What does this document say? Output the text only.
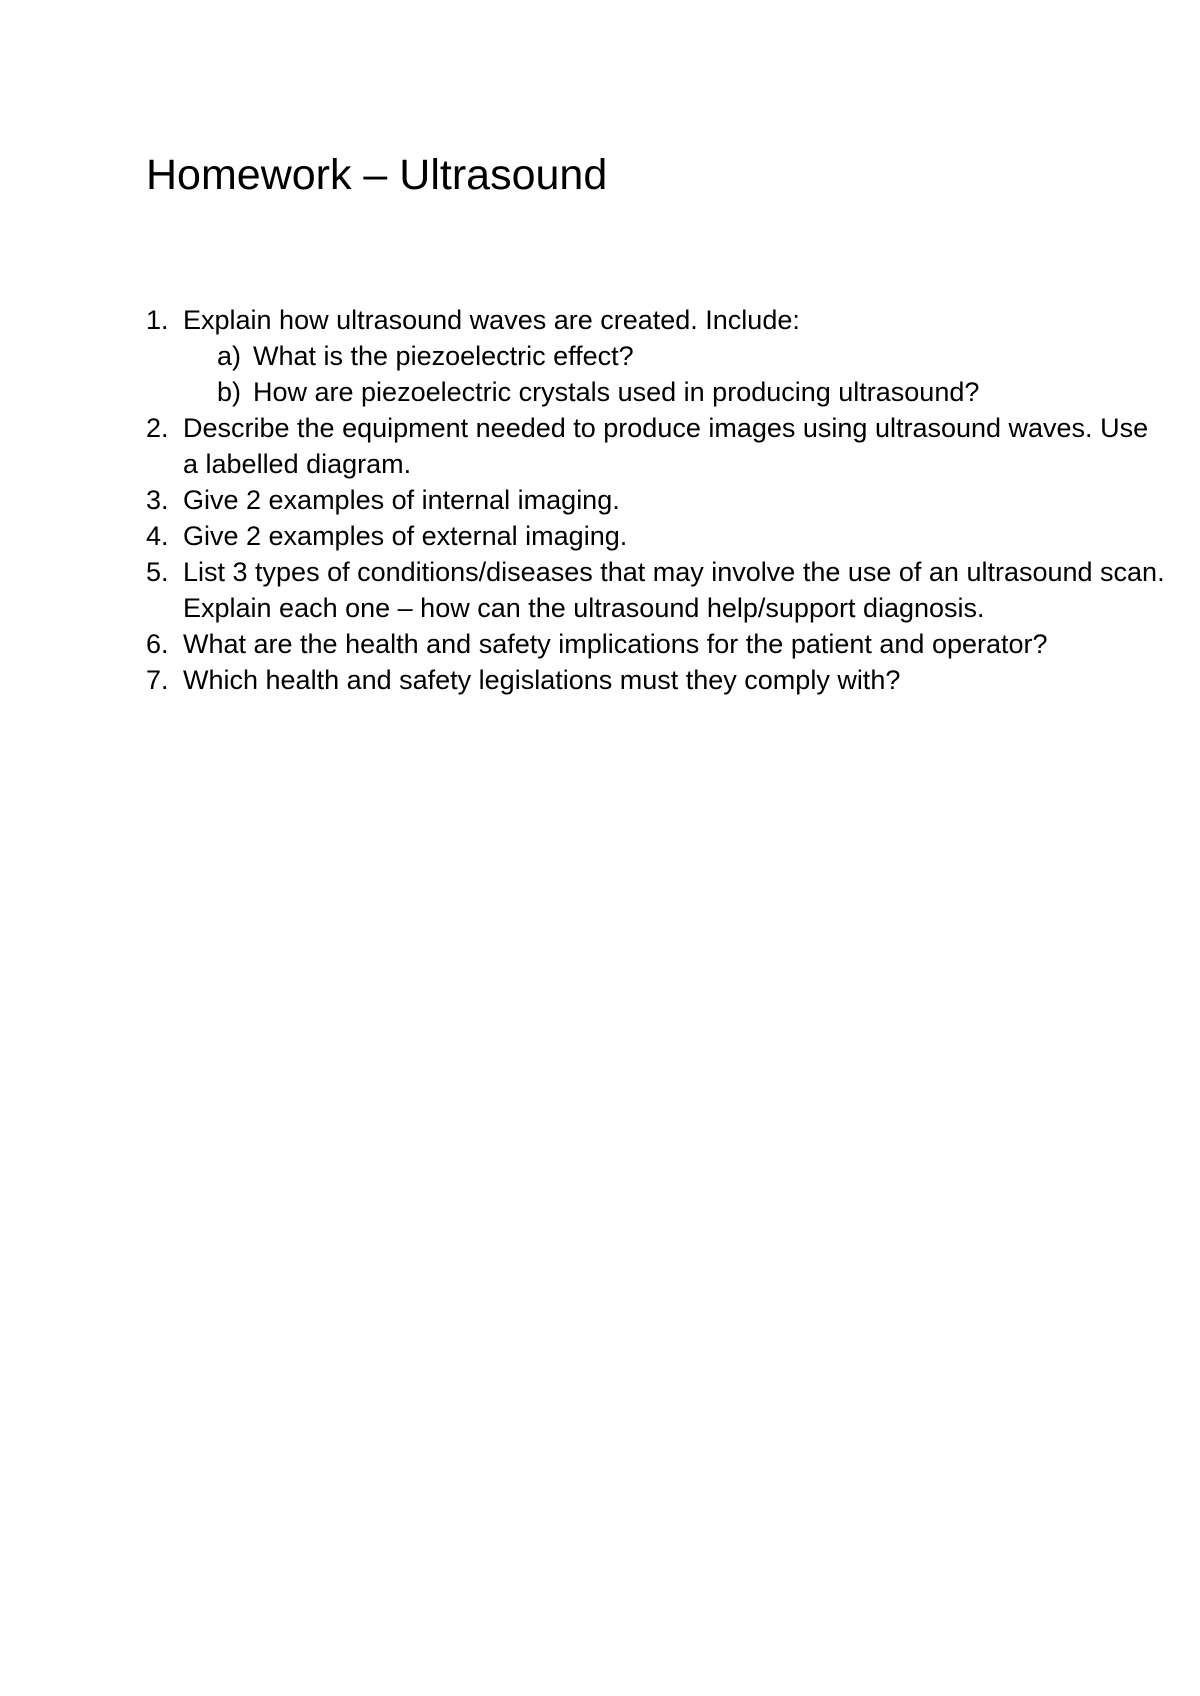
Homework – Ultrasound
1. Explain how ultrasound waves are created. Include:
a) What is the piezoelectric effect?
b) How are piezoelectric crystals used in producing ultrasound?
2. Describe the equipment needed to produce images using ultrasound waves. Use a labelled diagram.
3. Give 2 examples of internal imaging.
4. Give 2 examples of external imaging.
5. List 3 types of conditions/diseases that may involve the use of an ultrasound scan. Explain each one – how can the ultrasound help/support diagnosis.
6. What are the health and safety implications for the patient and operator?
7. Which health and safety legislations must they comply with?
